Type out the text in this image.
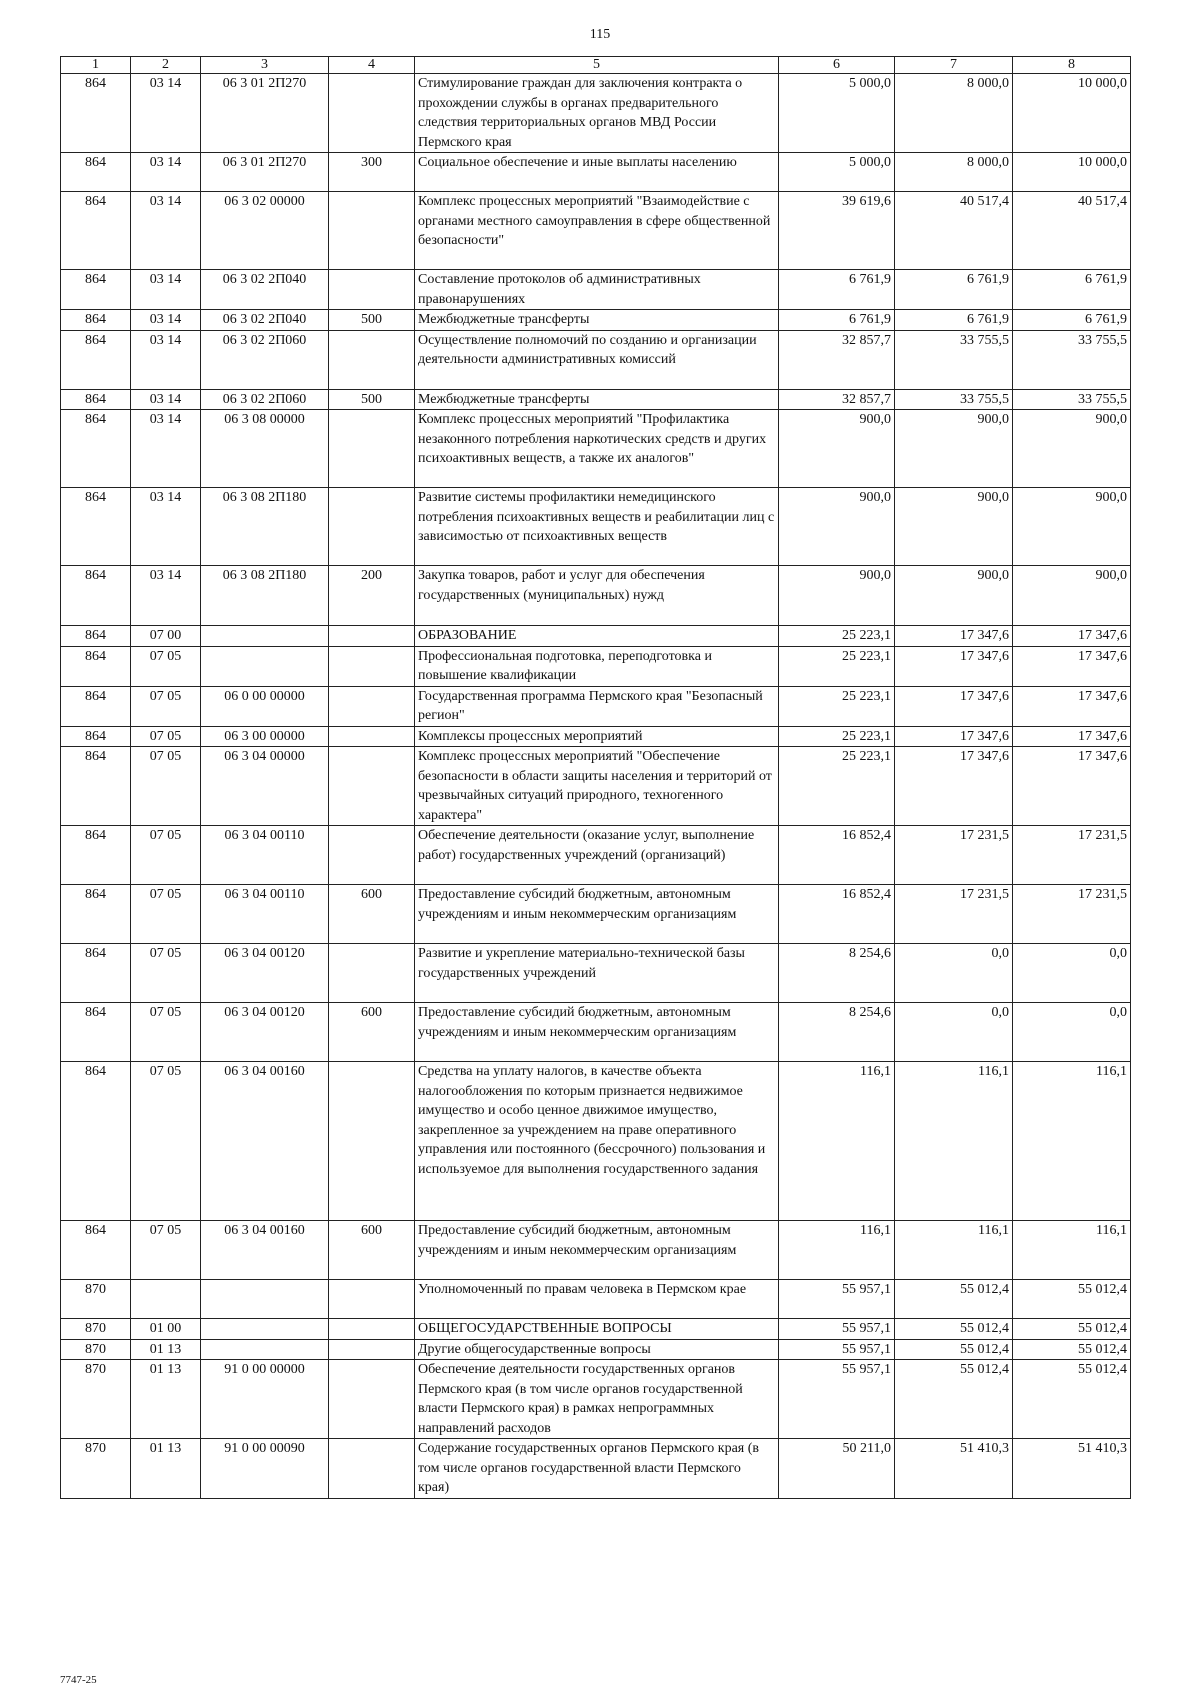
115
1	2	3	4	5	6	7	8
864	03 14	06 3 01 2П270		Стимулирование граждан для заключения контракта о прохождении службы в органах предварительного следствия территориальных органов МВД России Пермского края	5 000,0	8 000,0	10 000,0
864	03 14	06 3 01 2П270	300	Социальное обеспечение и иные выплаты населению	5 000,0	8 000,0	10 000,0
864	03 14	06 3 02 00000		Комплекс процессных мероприятий "Взаимодействие с органами местного самоуправления в сфере общественной безопасности"	39 619,6	40 517,4	40 517,4
864	03 14	06 3 02 2П040		Составление протоколов об административных правонарушениях	6 761,9	6 761,9	6 761,9
864	03 14	06 3 02 2П040	500	Межбюджетные трансферты	6 761,9	6 761,9	6 761,9
864	03 14	06 3 02 2П060		Осуществление полномочий по созданию и организации деятельности административных комиссий	32 857,7	33 755,5	33 755,5
864	03 14	06 3 02 2П060	500	Межбюджетные трансферты	32 857,7	33 755,5	33 755,5
864	03 14	06 3 08 00000		Комплекс процессных мероприятий "Профилактика незаконного потребления наркотических средств и других психоактивных веществ, а также их аналогов"	900,0	900,0	900,0
864	03 14	06 3 08 2П180		Развитие системы профилактики немедицинского потребления психоактивных веществ и реабилитации лиц с зависимостью от психоактивных веществ	900,0	900,0	900,0
864	03 14	06 3 08 2П180	200	Закупка товаров, работ и услуг для обеспечения государственных (муниципальных) нужд	900,0	900,0	900,0
864	07 00			ОБРАЗОВАНИЕ	25 223,1	17 347,6	17 347,6
864	07 05			Профессиональная подготовка, переподготовка и повышение квалификации	25 223,1	17 347,6	17 347,6
864	07 05	06 0 00 00000		Государственная программа Пермского края "Безопасный регион"	25 223,1	17 347,6	17 347,6
864	07 05	06 3 00 00000		Комплексы процессных мероприятий	25 223,1	17 347,6	17 347,6
864	07 05	06 3 04 00000		Комплекс процессных мероприятий "Обеспечение безопасности в области защиты населения и территорий от чрезвычайных ситуаций природного, техногенного характера"	25 223,1	17 347,6	17 347,6
864	07 05	06 3 04 00110		Обеспечение деятельности (оказание услуг, выполнение работ) государственных учреждений (организаций)	16 852,4	17 231,5	17 231,5
864	07 05	06 3 04 00110	600	Предоставление субсидий бюджетным, автономным учреждениям и иным некоммерческим организациям	16 852,4	17 231,5	17 231,5
864	07 05	06 3 04 00120		Развитие и укрепление материально-технической базы государственных учреждений	8 254,6	0,0	0,0
864	07 05	06 3 04 00120	600	Предоставление субсидий бюджетным, автономным учреждениям и иным некоммерческим организациям	8 254,6	0,0	0,0
864	07 05	06 3 04 00160		Средства на уплату налогов, в качестве объекта налогообложения по которым признается недвижимое имущество и особо ценное движимое имущество, закрепленное за учреждением на праве оперативного управления или постоянного (бессрочного) пользования и используемое для выполнения государственного задания	116,1	116,1	116,1
864	07 05	06 3 04 00160	600	Предоставление субсидий бюджетным, автономным учреждениям и иным некоммерческим организациям	116,1	116,1	116,1
870				Уполномоченный по правам человека в Пермском крае	55 957,1	55 012,4	55 012,4
870	01 00			ОБЩЕГОСУДАРСТВЕННЫЕ ВОПРОСЫ	55 957,1	55 012,4	55 012,4
870	01 13			Другие общегосударственные вопросы	55 957,1	55 012,4	55 012,4
870	01 13	91 0 00 00000		Обеспечение деятельности государственных органов Пермского края (в том числе органов государственной власти Пермского края) в рамках непрограммных направлений расходов	55 957,1	55 012,4	55 012,4
870	01 13	91 0 00 00090		Содержание государственных органов Пермского края (в том числе органов государственной власти Пермского края)	50 211,0	51 410,3	51 410,3
7747-25
